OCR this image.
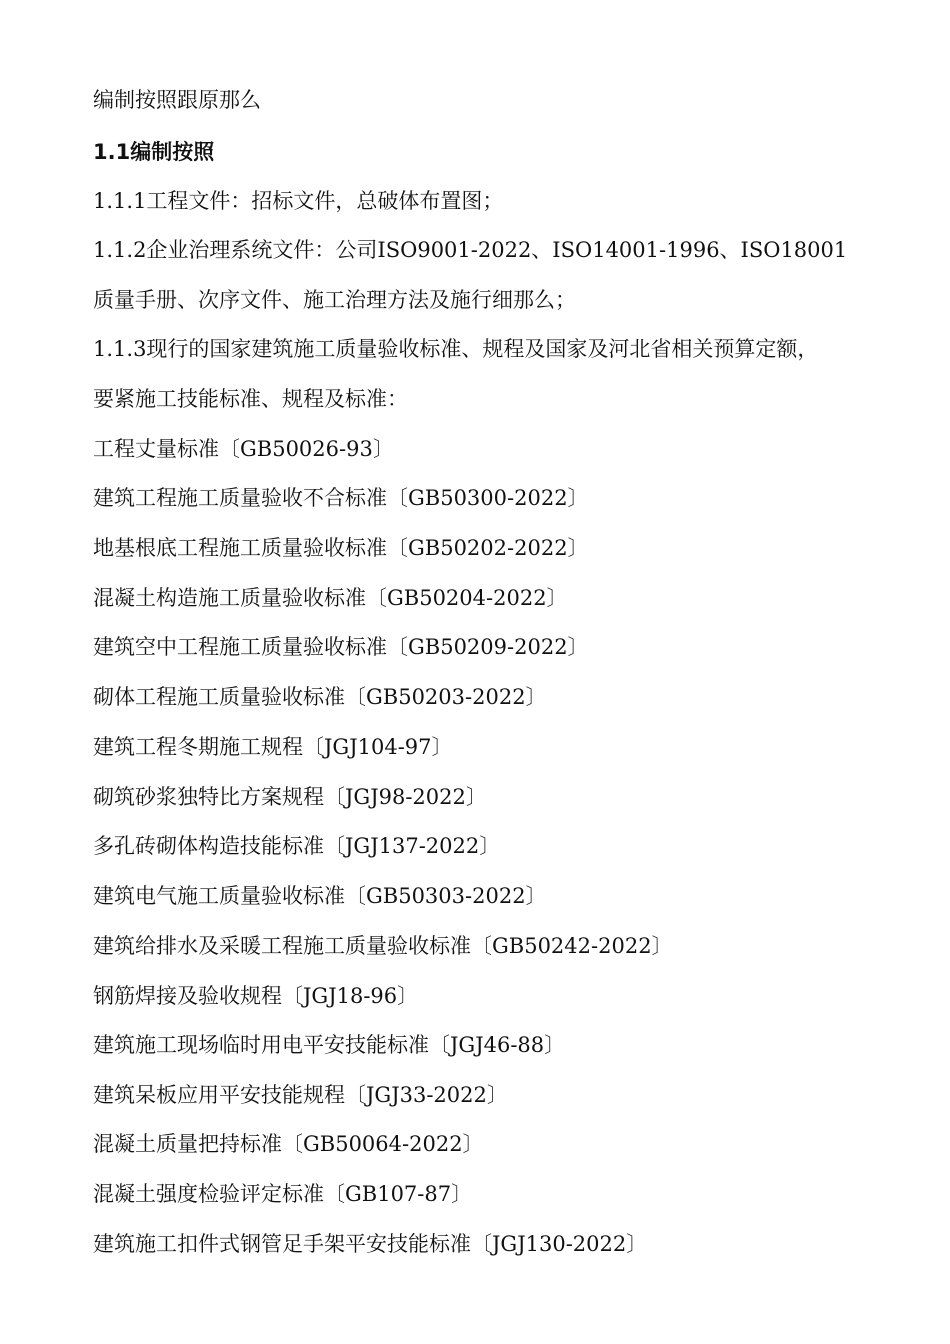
编制按照跟原那么
1.1编制按照
1.1.1工程文件：招标文件，总破体布置图；
1.1.2企业治理系统文件：公司ISO9001-2022、ISO14001-1996、ISO18001
质量手册、次序文件、施工治理方法及施行细那么；
1.1.3现行的国家建筑施工质量验收标准、规程及国家及河北省相关预算定额，
要紧施工技能标准、规程及标准：
工程丈量标准〔GB50026-93〕
建筑工程施工质量验收不合标准〔GB50300-2022〕
地基根底工程施工质量验收标准〔GB50202-2022〕
混凝土构造施工质量验收标准〔GB50204-2022〕
建筑空中工程施工质量验收标准〔GB50209-2022〕
砌体工程施工质量验收标准〔GB50203-2022〕
建筑工程冬期施工规程〔JGJ104-97〕
砌筑砂浆独特比方案规程〔JGJ98-2022〕
多孔砖砌体构造技能标准〔JGJ137-2022〕
建筑电气施工质量验收标准〔GB50303-2022〕
建筑给排水及采暖工程施工质量验收标准〔GB50242-2022〕
钢筋焊接及验收规程〔JGJ18-96〕
建筑施工现场临时用电平安技能标准〔JGJ46-88〕
建筑呆板应用平安技能规程〔JGJ33-2022〕
混凝土质量把持标准〔GB50064-2022〕
混凝土强度检验评定标准〔GB107-87〕
建筑施工扣件式钢管足手架平安技能标准〔JGJ130-2022〕
